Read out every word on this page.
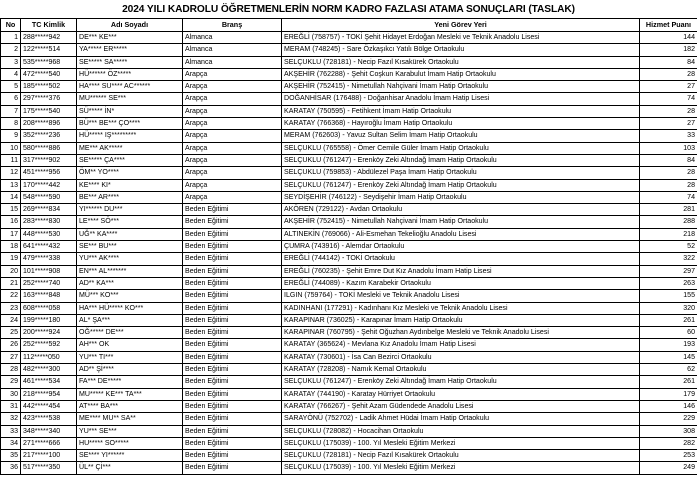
2024 YILI KADROLU ÖĞRETMENLERİN NORM KADRO FAZLASI ATAMA SONUÇLARI (TASLAK)
No	TC Kimlik	Adı Soyadı	Branş	Yeni Görev Yeri	Hizmet Puanı

1	288*****942	DE*** KE***	Almanca	EREĞLİ (758757) - TOKİ Şehit Hidayet Erdoğan Mesleki ve Teknik Anadolu Lisesi	144
2	122*****514	YA***** ER*****	Almanca	MERAM (748245) - Sare Özkaşıkcı Yatılı Bölge Ortaokulu	182
3	535*****968	SE***** SA*****	Almanca	SELÇUKLU (728181) - Necip Fazıl Kısakürek Ortaokulu	84
4	472*****540	HÜ****** ÖZ*****	Arapça	AKŞEHİR (762288) - Şehit Coşkun Karabulut İmam Hatip Ortaokulu	28
5	185*****502	HA**** SU**** AC******	Arapça	AKŞEHİR (752415) - Nimetullah Nahçivani İmam Hatip Ortaokulu	27
6	297*****376	MU****** SE***	Arapça	DOĞANHİSAR (176488) - Doğanhisar Anadolu İmam Hatip Lisesi	74
7	175*****540	SÜ***** İN*	Arapça	KARATAY (750595) - Fetihkent İmam Hatip Ortaokulu	28
8	208*****896	BÜ*** BE*** ÇO****	Arapça	KARATAY (766368) - Hayıroğlu İmam Hatip Ortaokulu	27
9	352*****236	HÜ***** IŞ*********	Arapça	MERAM (762603) - Yavuz Sultan Selim İmam Hatip Ortaokulu	33
10	580*****886	ME*** AK*****	Arapça	SELÇUKLU (765558) - Ömer Cemile Güler İmam Hatip Ortaokulu	103
11	317*****902	SE***** ÇA****	Arapça	SELÇUKLU (761247) - Erenköy Zeki Altındağ İmam Hatip Ortaokulu	84
12	451*****956	ÖM** YO****	Arapça	SELÇUKLU (759853) - Abdülezel Paşa İmam Hatip Ortaokulu	28
13	170*****442	KE**** KI*	Arapça	SELÇUKLU (761247) - Erenköy Zeki Altındağ İmam Hatip Ortaokulu	28
14	548*****590	BE*** AR****	Arapça	SEYDİŞEHİR (746122) - Seydişehir İmam Hatip Ortaokulu	74
15	269*****834	YI****** DU***	Beden Eğitimi	AKÖREN (729122) - Avdan Ortaokulu	281
16	283*****830	LE**** SÖ***	Beden Eğitimi	AKŞEHİR (752415) - Nimetullah Nahçivani İmam Hatip Ortaokulu	288
17	448*****530	UĞ** KA****	Beden Eğitimi	ALTINEKİN (769066) - Ali-Esmehan Tekelioğlu Anadolu Lisesi	218
18	641*****432	SE*** BU***	Beden Eğitimi	ÇUMRA (743916) - Alemdar Ortaokulu	52
19	479*****338	YU*** AK****	Beden Eğitimi	EREĞLİ (744142) - TOKİ Ortaokulu	322
20	101*****908	EN*** AL*******	Beden Eğitimi	EREĞLİ (760235) - Şehit Emre Dut Kız Anadolu İmam Hatip Lisesi	297
21	252*****740	AD** KA***	Beden Eğitimi	EREĞLİ (744089) - Kazım Karabekir Ortaokulu	263
22	163*****848	MÜ*** KO***	Beden Eğitimi	ILGIN (759764) - TOKİ Mesleki ve Teknik Anadolu Lisesi	155
23	608*****058	HA*** HÜ***** KO***	Beden Eğitimi	KADINHANI (177291) - Kadınhanı Kız Mesleki ve Teknik Anadolu Lisesi	320
24	199*****180	AL* ŞA***	Beden Eğitimi	KARAPINAR (736025) - Karapınar İmam Hatip Ortaokulu	261
25	200*****924	OĞ***** DE***	Beden Eğitimi	KARAPINAR (760795) - Şehit Oğuzhan Aydınbelge Mesleki ve Teknik Anadolu Lisesi	60
26	252*****592	AH*** OK	Beden Eğitimi	KARATAY (365624) - Mevlana Kız Anadolu İmam Hatip Lisesi	193
27	112*****050	YU*** TI***	Beden Eğitimi	KARATAY (730601) - İsa Can Bezirci Ortaokulu	145
28	482*****300	AD** Şİ****	Beden Eğitimi	KARATAY (728208) - Namık Kemal Ortaokulu	62
29	461*****534	FA*** DE*****	Beden Eğitimi	SELÇUKLU (761247) - Erenköy Zeki Altındağ İmam Hatip Ortaokulu	261
30	218*****954	MU***** KE*** TA***	Beden Eğitimi	KARATAY (744190) - Karatay Hürriyet Ortaokulu	179
31	442*****454	AT**** BA***	Beden Eğitimi	KARATAY (766267) - Şehit Azam Güdendede Anadolu Lisesi	146
32	423*****538	ME**** MU** SA**	Beden Eğitimi	SARAYÖNÜ (752702) - Ladik Ahmet Hüdai İmam Hatip Ortaokulu	229
33	348*****340	YU*** SE***	Beden Eğitimi	SELÇUKLU (728082) - Hocacihan Ortaokulu	308
34	271*****666	HU***** SO*****	Beden Eğitimi	SELÇUKLU (175039) - 100. Yıl Mesleki Eğitim Merkezi	282
35	217*****100	SE**** YI******	Beden Eğitimi	SELÇUKLU (728181) - Necip Fazıl Kısakürek Ortaokulu	253
36	517*****350	ÜL** Çİ***	Beden Eğitimi	SELÇUKLU (175039) - 100. Yıl Mesleki Eğitim Merkezi	249
